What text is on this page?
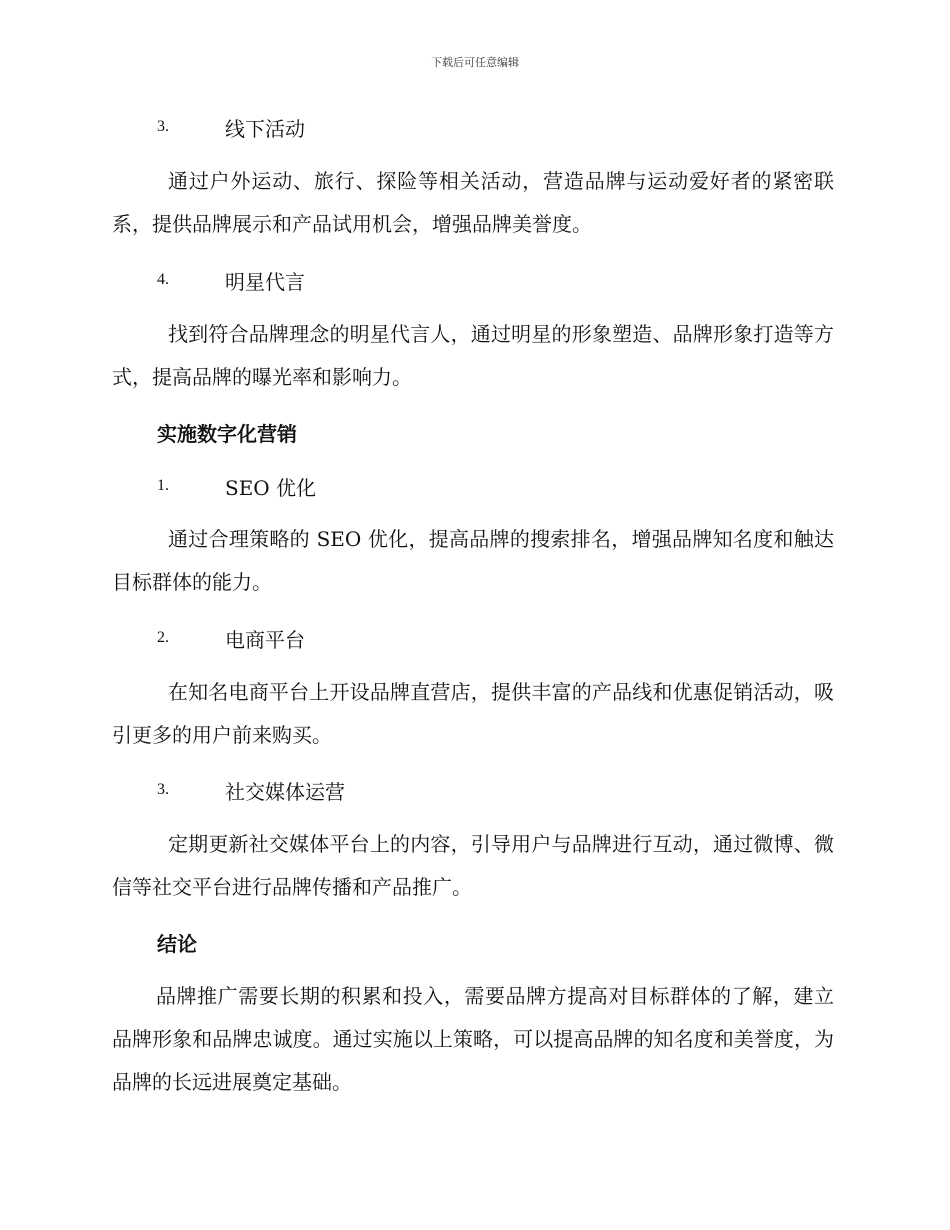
下载后可任意编辑
3.	线下活动

通过户外运动、旅行、探险等相关活动，营造品牌与运动爱好者的紧密联系，提供品牌展示和产品试用机会，增强品牌美誉度。

4.	明星代言

找到符合品牌理念的明星代言人，通过明星的形象塑造、品牌形象打造等方式，提高品牌的曝光率和影响力。

实施数字化营销
1.	SEO 优化

通过合理策略的 SEO 优化，提高品牌的搜索排名，增强品牌知名度和触达目标群体的能力。

2.	电商平台

在知名电商平台上开设品牌直营店，提供丰富的产品线和优惠促销活动，吸引更多的用户前来购买。

3.	社交媒体运营

定期更新社交媒体平台上的内容，引导用户与品牌进行互动，通过微博、微信等社交平台进行品牌传播和产品推广。

结论

品牌推广需要长期的积累和投入，需要品牌方提高对目标群体的了解，建立品牌形象和品牌忠诚度。通过实施以上策略，可以提高品牌的知名度和美誉度，为品牌的长远进展奠定基础。
